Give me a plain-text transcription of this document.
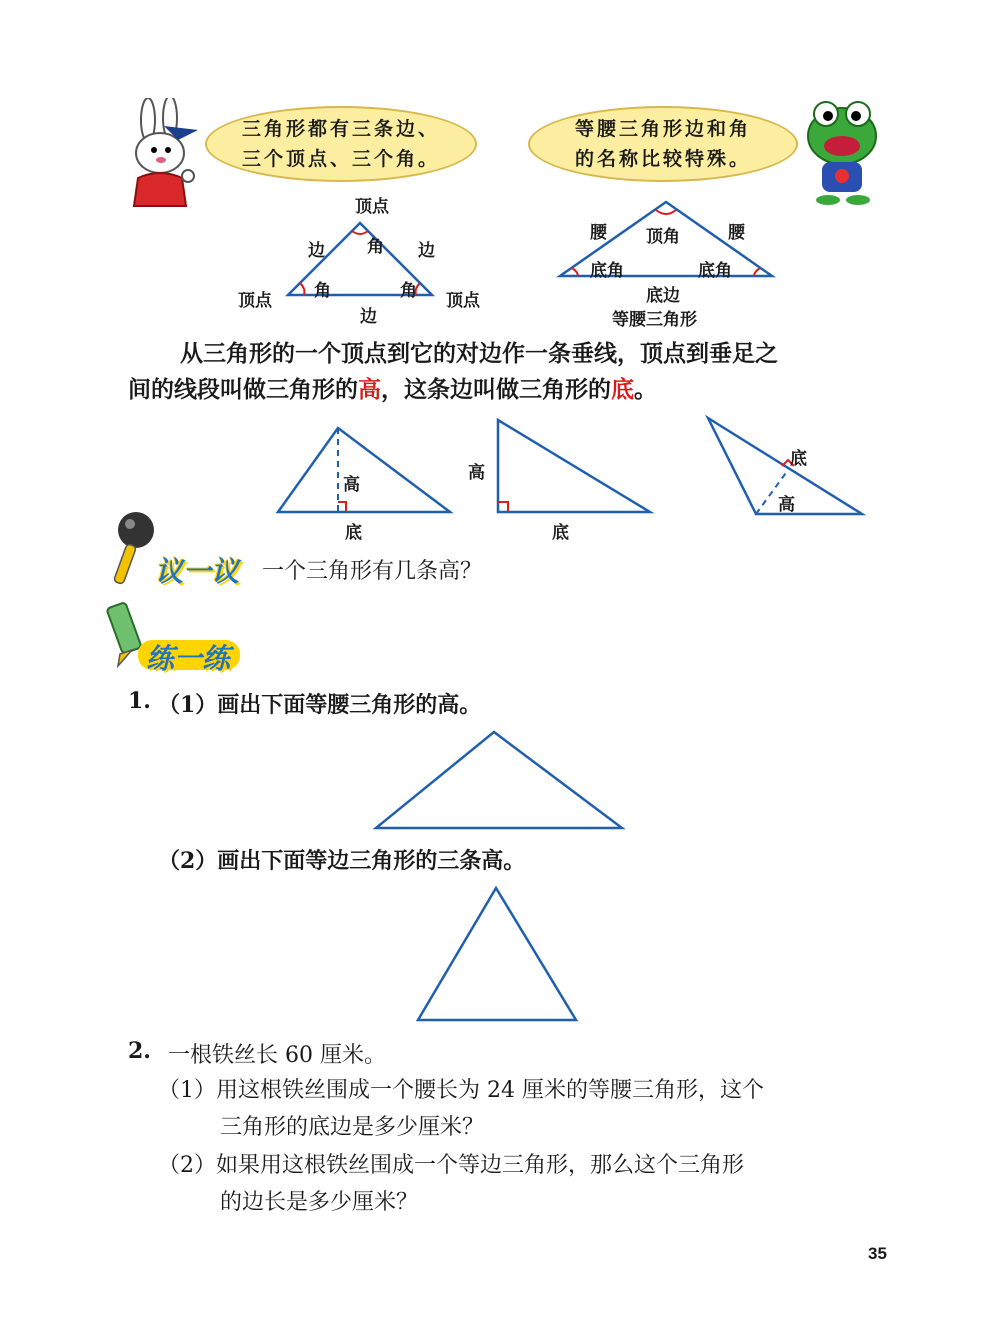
三角形都有三条边、
三个顶点、三个角。
等腰三角形边和角
的名称比较特殊。
顶点
顶点	顶点
边	边
边
角
角	角
腰	腰
顶角
底角	底角
底边
等腰三角形
从三角形的一个顶点到它的对边作一条垂线，顶点到垂足之
间的线段叫做三角形的高，这条边叫做三角形的底。
高
底
高
底
底
高
议一议 一个三角形有几条高？
练一练
1. （1）画出下面等腰三角形的高。
（2）画出下面等边三角形的三条高。
2. 一根铁丝长 60 厘米。
（1）用这根铁丝围成一个腰长为 24 厘米的等腰三角形，这个
三角形的底边是多少厘米？
（2）如果用这根铁丝围成一个等边三角形，那么这个三角形
的边长是多少厘米？
35
